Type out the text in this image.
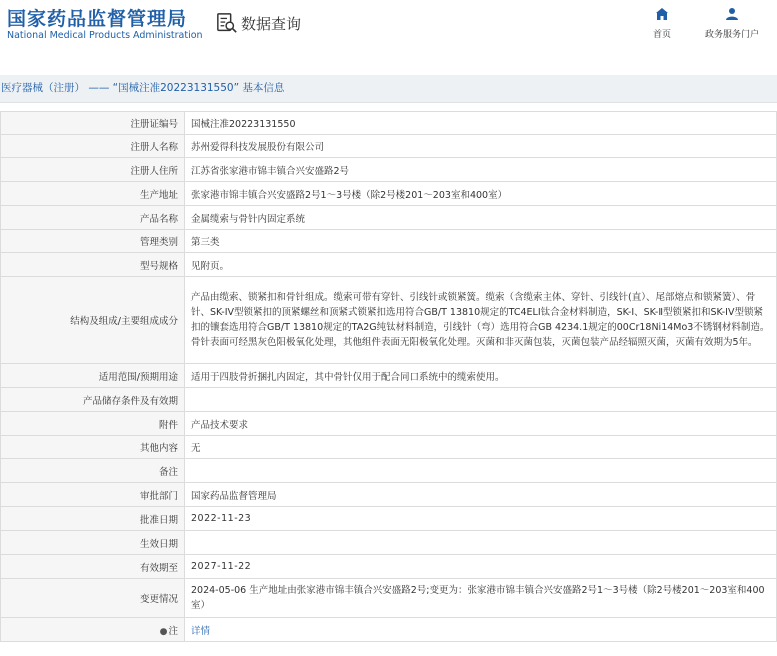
国家药品监督管理局
National Medical Products Administration
数据查询
首页	政务服务门户
医疗器械（注册） —— “国械注准20223131550” 基本信息
注册证编号	国械注准20223131550
注册人名称	苏州爱得科技发展股份有限公司
注册人住所	江苏省张家港市锦丰镇合兴安盛路2号
生产地址	张家港市锦丰镇合兴安盛路2号1～3号楼（除2号楼201～203室和400室）
产品名称	金属缆索与骨针内固定系统
管理类别	第三类
型号规格	见附页。
结构及组成/主要组成成分	产品由缆索、锁紧扣和骨针组成。缆索可带有穿针、引线针或锁紧簧。缆索（含缆索主体、穿针、引线针(直）、尾部熔点和锁紧簧）、骨针、SK-IV型锁紧扣的顶紧螺丝和顶紧式锁紧扣选用符合GB/T 13810规定的TC4ELI钛合金材料制造，SK-Ⅰ、SK-Ⅱ型锁紧扣和SK-IV型锁紧扣的镶套选用符合GB/T 13810规定的TA2G纯钛材料制造，引线针（弯）选用符合GB 4234.1规定的00Cr18Ni14Mo3不锈钢材料制造。骨针表面可经黑灰色阳极氧化处理，其他组件表面无阳极氧化处理。灭菌和非灭菌包装，灭菌包装产品经辐照灭菌，灭菌有效期为5年。
适用范围/预期用途	适用于四肢骨折捆扎内固定，其中骨针仅用于配合同口系统中的缆索使用。
产品储存条件及有效期	
附件	产品技术要求
其他内容	无
备注	
审批部门	国家药品监督管理局
批准日期	2022-11-23
生效日期	
有效期至	2027-11-22
变更情况	2024-05-06 生产地址由张家港市锦丰镇合兴安盛路2号;变更为：张家港市锦丰镇合兴安盛路2号1～3号楼（除2号楼201～203室和400室）
●注	详情
